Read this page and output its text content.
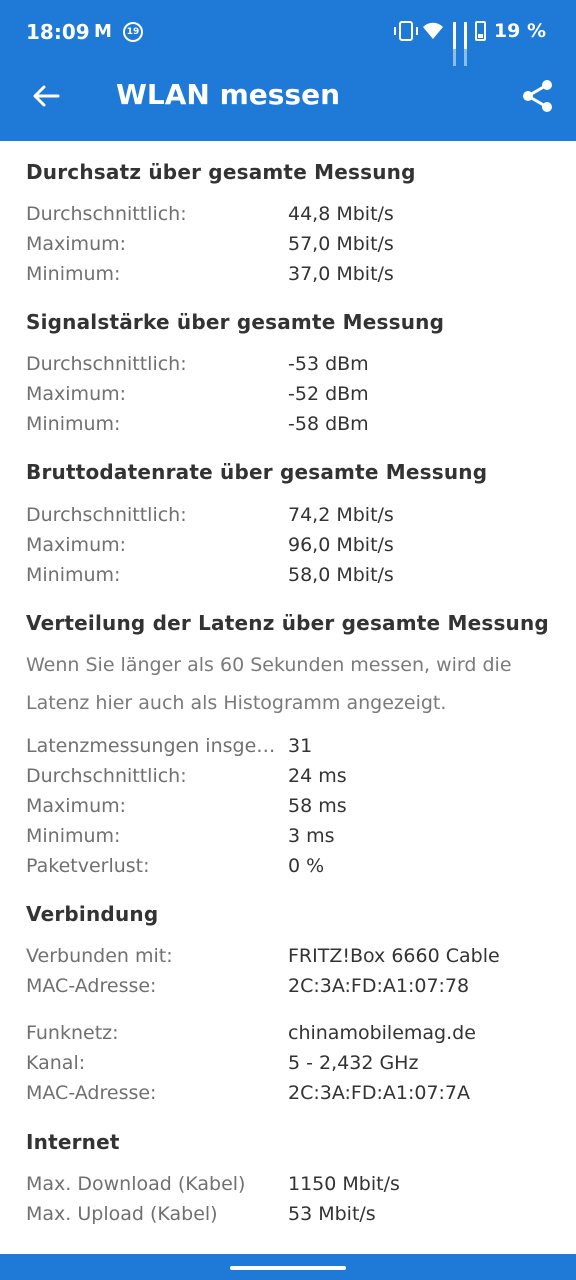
18:09 M	19	19 %
WLAN messen
Durchsatz über gesamte Messung
Durchschnittlich:	44,8 Mbit/s
Maximum:	57,0 Mbit/s
Minimum:	37,0 Mbit/s
Signalstärke über gesamte Messung
Durchschnittlich:	-53 dBm
Maximum:	-52 dBm
Minimum:	-58 dBm
Bruttodatenrate über gesamte Messung
Durchschnittlich:	74,2 Mbit/s
Maximum:	96,0 Mbit/s
Minimum:	58,0 Mbit/s
Verteilung der Latenz über gesamte Messung
Wenn Sie länger als 60 Sekunden messen, wird die Latenz hier auch als Histogramm angezeigt.
Latenzmessungen insge… 31
Durchschnittlich:	24 ms
Maximum:	58 ms
Minimum:	3 ms
Paketverlust:	0 %
Verbindung
Verbunden mit:	FRITZ!Box 6660 Cable
MAC-Adresse:	2C:3A:FD:A1:07:78
Funknetz:	chinamobilemag.de
Kanal:	5 - 2,432 GHz
MAC-Adresse:	2C:3A:FD:A1:07:7A
Internet
Max. Download (Kabel)	1150 Mbit/s
Max. Upload (Kabel)	53 Mbit/s
